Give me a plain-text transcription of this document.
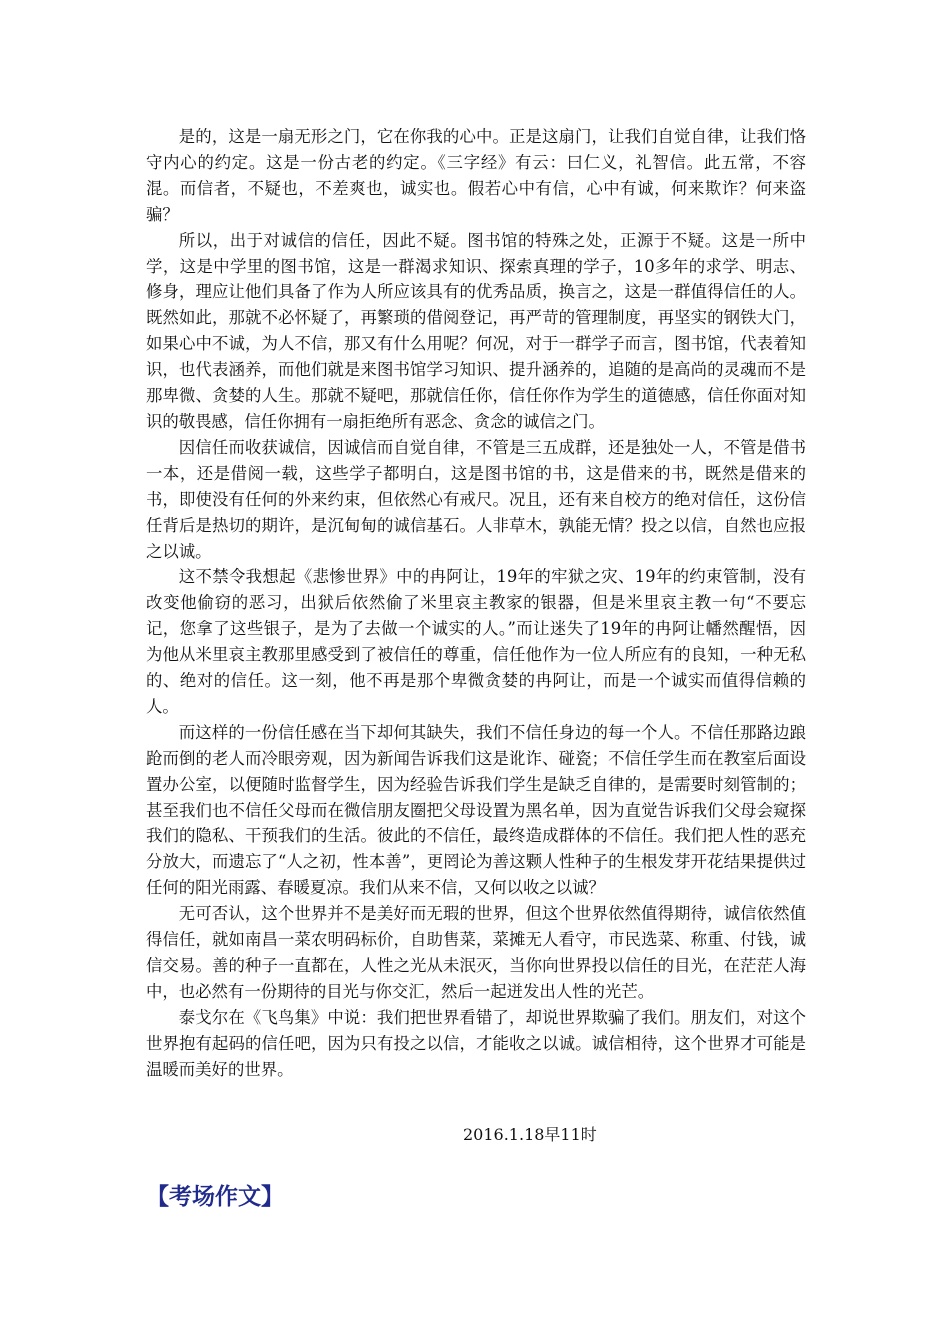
是的，这是一扇无形之门，它在你我的心中。正是这扇门，让我们自觉自律，让我们恪守内心的约定。这是一份古老的约定。《三字经》有云：曰仁义，礼智信。此五常，不容混。而信者，不疑也，不差爽也，诚实也。假若心中有信，心中有诚，何来欺诈？何来盗骗？

所以，出于对诚信的信任，因此不疑。图书馆的特殊之处，正源于不疑。这是一所中学，这是中学里的图书馆，这是一群渴求知识、探索真理的学子，10多年的求学、明志、修身，理应让他们具备了作为人所应该具有的优秀品质，换言之，这是一群值得信任的人。既然如此，那就不必怀疑了，再繁琐的借阅登记，再严苛的管理制度，再坚实的钢铁大门，如果心中不诚，为人不信，那又有什么用呢？何况，对于一群学子而言，图书馆，代表着知识，也代表涵养，而他们就是来图书馆学习知识、提升涵养的，追随的是高尚的灵魂而不是那卑微、贪婪的人生。那就不疑吧，那就信任你，信任你作为学生的道德感，信任你面对知识的敬畏感，信任你拥有一扇拒绝所有恶念、贪念的诚信之门。

因信任而收获诚信，因诚信而自觉自律，不管是三五成群，还是独处一人，不管是借书一本，还是借阅一载，这些学子都明白，这是图书馆的书，这是借来的书，既然是借来的书，即使没有任何的外来约束，但依然心有戒尺。况且，还有来自校方的绝对信任，这份信任背后是热切的期许，是沉甸甸的诚信基石。人非草木，孰能无情？投之以信，自然也应报之以诚。

这不禁令我想起《悲惨世界》中的冉阿让，19年的牢狱之灾、19年的约束管制，没有改变他偷窃的恶习，出狱后依然偷了米里哀主教家的银器，但是米里哀主教一句“不要忘记，您拿了这些银子，是为了去做一个诚实的人。”而让迷失了19年的冉阿让幡然醒悟，因为他从米里哀主教那里感受到了被信任的尊重，信任他作为一位人所应有的良知，一种无私的、绝对的信任。这一刻，他不再是那个卑微贪婪的冉阿让，而是一个诚实而值得信赖的人。

而这样的一份信任感在当下却何其缺失，我们不信任身边的每一个人。不信任那路边踉跄而倒的老人而冷眼旁观，因为新闻告诉我们这是讹诈、碰瓷；不信任学生而在教室后面设置办公室，以便随时监督学生，因为经验告诉我们学生是缺乏自律的，是需要时刻管制的；甚至我们也不信任父母而在微信朋友圈把父母设置为黑名单，因为直觉告诉我们父母会窥探我们的隐私、干预我们的生活。彼此的不信任，最终造成群体的不信任。我们把人性的恶充分放大，而遗忘了“人之初，性本善”，更罔论为善这颗人性种子的生根发芽开花结果提供过任何的阳光雨露、春暖夏凉。我们从来不信，又何以收之以诚？

无可否认，这个世界并不是美好而无瑕的世界，但这个世界依然值得期待，诚信依然值得信任，就如南昌一菜农明码标价，自助售菜，菜摊无人看守，市民选菜、称重、付钱，诚信交易。善的种子一直都在，人性之光从未泯灭，当你向世界投以信任的目光，在茫茫人海中，也必然有一份期待的目光与你交汇，然后一起迸发出人性的光芒。

泰戈尔在《飞鸟集》中说：我们把世界看错了，却说世界欺骗了我们。朋友们，对这个世界抱有起码的信任吧，因为只有投之以信，才能收之以诚。诚信相待，这个世界才可能是温暖而美好的世界。

2016.1.18早11时
【考场作文】
